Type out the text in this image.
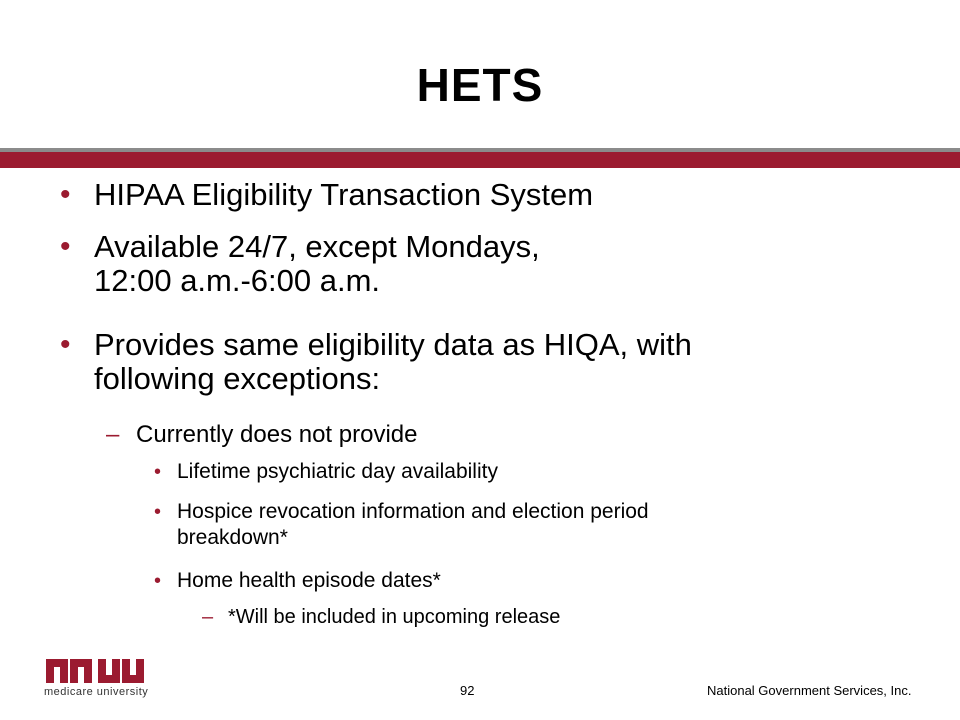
HETS
• HIPAA Eligibility Transaction System
• Available 24/7, except Mondays,
12:00 a.m.-6:00 a.m.
• Provides same eligibility data as HIQA, with
following exceptions:
– Currently does not provide
• Lifetime psychiatric day availability
• Hospice revocation information and election period
breakdown*
• Home health episode dates*
– *Will be included in upcoming release
medicare university	92	National Government Services, Inc.
